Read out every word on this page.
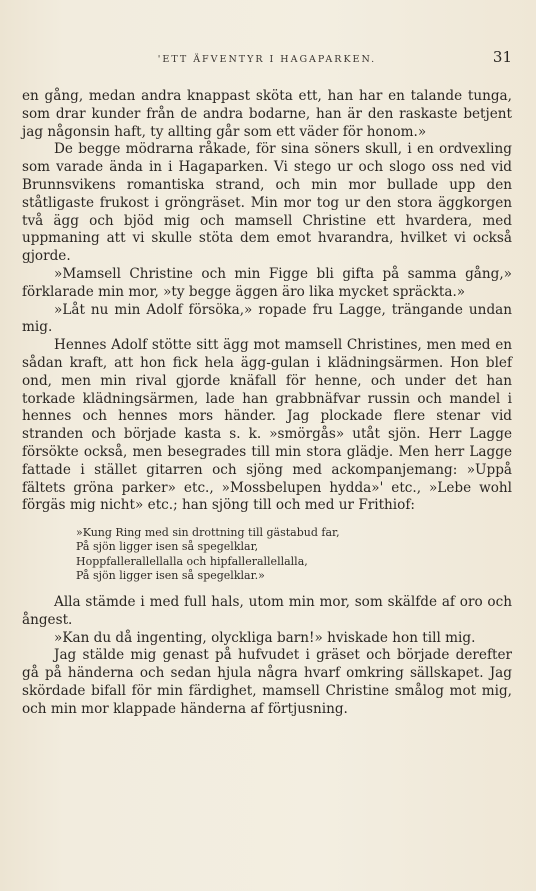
'ETT ÄFVENTYR I HAGAPARKEN.	31

en gång, medan andra knappast sköta ett, han har en talande tunga, som drar kunder från de andra bodarne, han är den raskaste betjent jag någonsin haft, ty allting går som ett väder för honom.»

De begge mödrarna råkade, för sina söners skull, i en ordvexling som varade ända in i Hagaparken. Vi stego ur och slogo oss ned vid Brunnsvikens romantiska strand, och min mor bullade upp den ståtligaste frukost i gröngräset. Min mor tog ur den stora äggkorgen två ägg och bjöd mig och mamsell Christine ett hvardera, med uppmaning att vi skulle stöta dem emot hvarandra, hvilket vi också gjorde.

»Mamsell Christine och min Figge bli gifta på samma gång,» förklarade min mor, »ty begge äggen äro lika mycket spräckta.»

»Låt nu min Adolf försöka,» ropade fru Lagge, trängande undan mig.

Hennes Adolf stötte sitt ägg mot mamsell Christines, men med en sådan kraft, att hon fick hela ägg-gulan i klädningsärmen. Hon blef ond, men min rival gjorde knäfall för henne, och under det han torkade klädningsärmen, lade han grabbnäfvar russin och mandel i hennes och hennes mors händer. Jag plockade flere stenar vid stranden och började kasta s. k. »smörgås» utåt sjön. Herr Lagge försökte också, men besegrades till min stora glädje. Men herr Lagge fattade i stället gitarren och sjöng med ackompanjemang: »Uppå fältets gröna parker» etc., »Mossbelupen hydda»' etc., »Lebe wohl förgäs mig nicht» etc.; han sjöng till och med ur Frithiof:

»Kung Ring med sin drottning till gästabud far,
På sjön ligger isen så spegelklar,
Hoppfallerallellalla och hipfallerallellalla,
På sjön ligger isen så spegelklar.»

Alla stämde i med full hals, utom min mor, som skälfde af oro och ångest.

»Kan du då ingenting, olyckliga barn!» hviskade hon till mig.

Jag stälde mig genast på hufvudet i gräset och började derefter gå på händerna och sedan hjula några hvarf omkring sällskapet. Jag skördade bifall för min färdighet, mamsell Christine smålog mot mig, och min mor klappade händerna af förtjusning.
